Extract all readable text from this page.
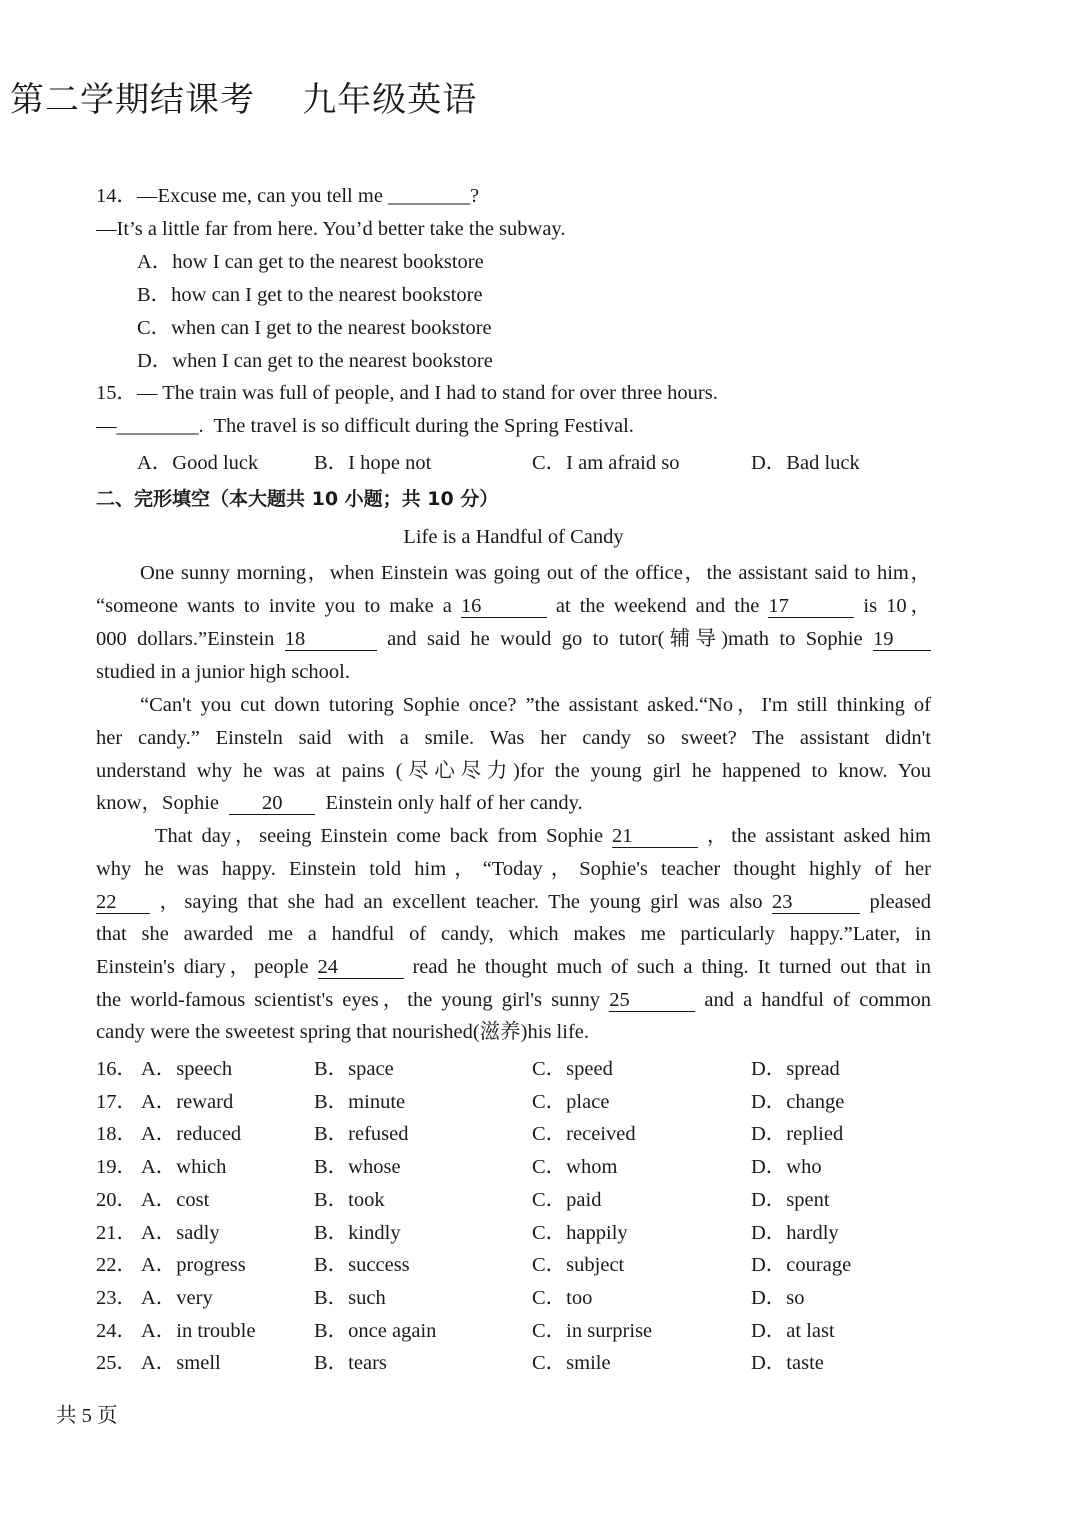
第二学期结课考    九年级英语
14．—Excuse me, can you tell me ________?
—It’s a little far from here. You’d better take the subway.
A．how I can get to the nearest bookstore
B．how can I get to the nearest bookstore
C．when can I get to the nearest bookstore
D．when I can get to the nearest bookstore
15．— The train was full of people, and I had to stand for over three hours.
—________.  The travel is so difficult during the Spring Festival.
A．Good luck	B．I hope not	C．I am afraid so	D．Bad luck
二、完形填空（本大题共 10 小题；共 10 分）
Life is a Handful of Candy
One sunny morning，when Einstein was going out of the office，the assistant said to him，
“someone wants to invite you to make a 16	at the weekend and the 17	is 10，
000 dollars.”Einstein 18	and said he would go to tutor(辅导)math to Sophie 19
studied in a junior high school.
“Can't you cut down tutoring Sophie once? ”the assistant asked.“No，I'm still thinking of
her candy.” Einsteln said with a smile. Was her candy so sweet? The assistant didn't
understand why he was at pains (尽心尽力)for the young girl he happened to know. You
know，Sophie 20 Einstein only half of her candy.
That day，seeing Einstein come back from Sophie 21	，the assistant asked him
why he was happy. Einstein told him，“Today，Sophie's teacher thought highly of her
22 ，saying that she had an excellent teacher. The young girl was also 23	pleased
that she awarded me a handful of candy, which makes me particularly happy.”Later, in
Einstein's diary，people 24	read he thought much of such a thing. It turned out that in
the world-famous scientist's eyes，the young girl's sunny 25	and a handful of common
candy were the sweetest spring that nourished(滋养)his life.
16． A．speech	B．space	C．speed	D．spread
17． A．reward	B．minute	C．place	D．change
18． A．reduced	B．refused	C．received	D．replied
19． A．which	B．whose	C．whom	D．who
20． A．cost	B．took	C．paid	D．spent
21． A．sadly	B．kindly	C．happily	D．hardly
22． A．progress	B．success	C．subject	D．courage
23． A．very	B．such	C．too	D．so
24． A．in trouble	B．once again	C．in surprise	D．at last
25． A．smell	B．tears	C．smile	D．taste
共 5 页
